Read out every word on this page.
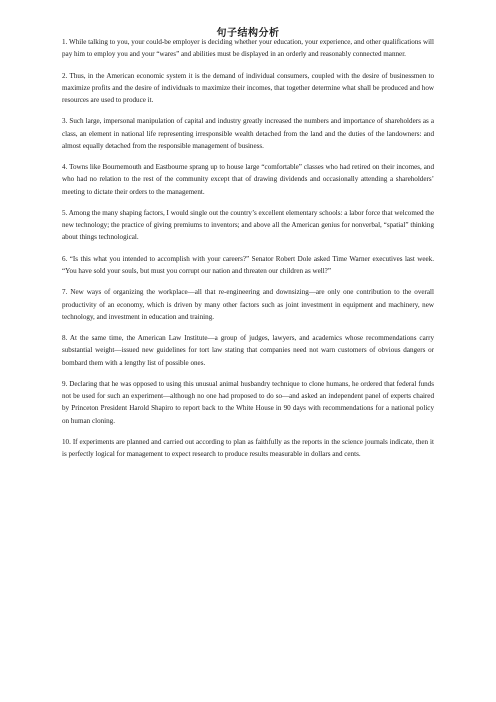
句子结构分析

1. While talking to you, your could-be employer is deciding whether your education, your experience, and other qualifications will pay him to employ you and your “wares” and abilities must be displayed in an orderly and reasonably connected manner.

2. Thus, in the American economic system it is the demand of individual consumers, coupled with the desire of businessmen to maximize profits and the desire of individuals to maximize their incomes, that together determine what shall be produced and how resources are used to produce it.

3. Such large, impersonal manipulation of capital and industry greatly increased the numbers and importance of shareholders as a class, an element in national life representing irresponsible wealth detached from the land and the duties of the landowners: and almost equally detached from the responsible management of business.

4. Towns like Bournemouth and Eastbourne sprang up to house large “comfortable” classes who had retired on their incomes, and who had no relation to the rest of the community except that of drawing dividends and occasionally attending a shareholders’ meeting to dictate their orders to the management.

5. Among the many shaping factors, I would single out the country’s excellent elementary schools: a labor force that welcomed the new technology; the practice of giving premiums to inventors; and above all the American genius for nonverbal, “spatial” thinking about things technological.

6. “Is this what you intended to accomplish with your careers?” Senator Robert Dole asked Time Warner executives last week. “You have sold your souls, but must you corrupt our nation and threaten our children as well?”

7. New ways of organizing the workplace—all that re-engineering and downsizing—are only one contribution to the overall productivity of an economy, which is driven by many other factors such as joint investment in equipment and machinery, new technology, and investment in education and training.

8. At the same time, the American Law Institute—a group of judges, lawyers, and academics whose recommendations carry substantial weight—issued new guidelines for tort law stating that companies need not warn customers of obvious dangers or bombard them with a lengthy list of possible ones.

9. Declaring that he was opposed to using this unusual animal husbandry technique to clone humans, he ordered that federal funds not be used for such an experiment—although no one had proposed to do so—and asked an independent panel of experts chaired by Princeton President Harold Shapiro to report back to the White House in 90 days with recommendations for a national policy on human cloning.

10. If experiments are planned and carried out according to plan as faithfully as the reports in the science journals indicate, then it is perfectly logical for management to expect research to produce results measurable in dollars and cents.
